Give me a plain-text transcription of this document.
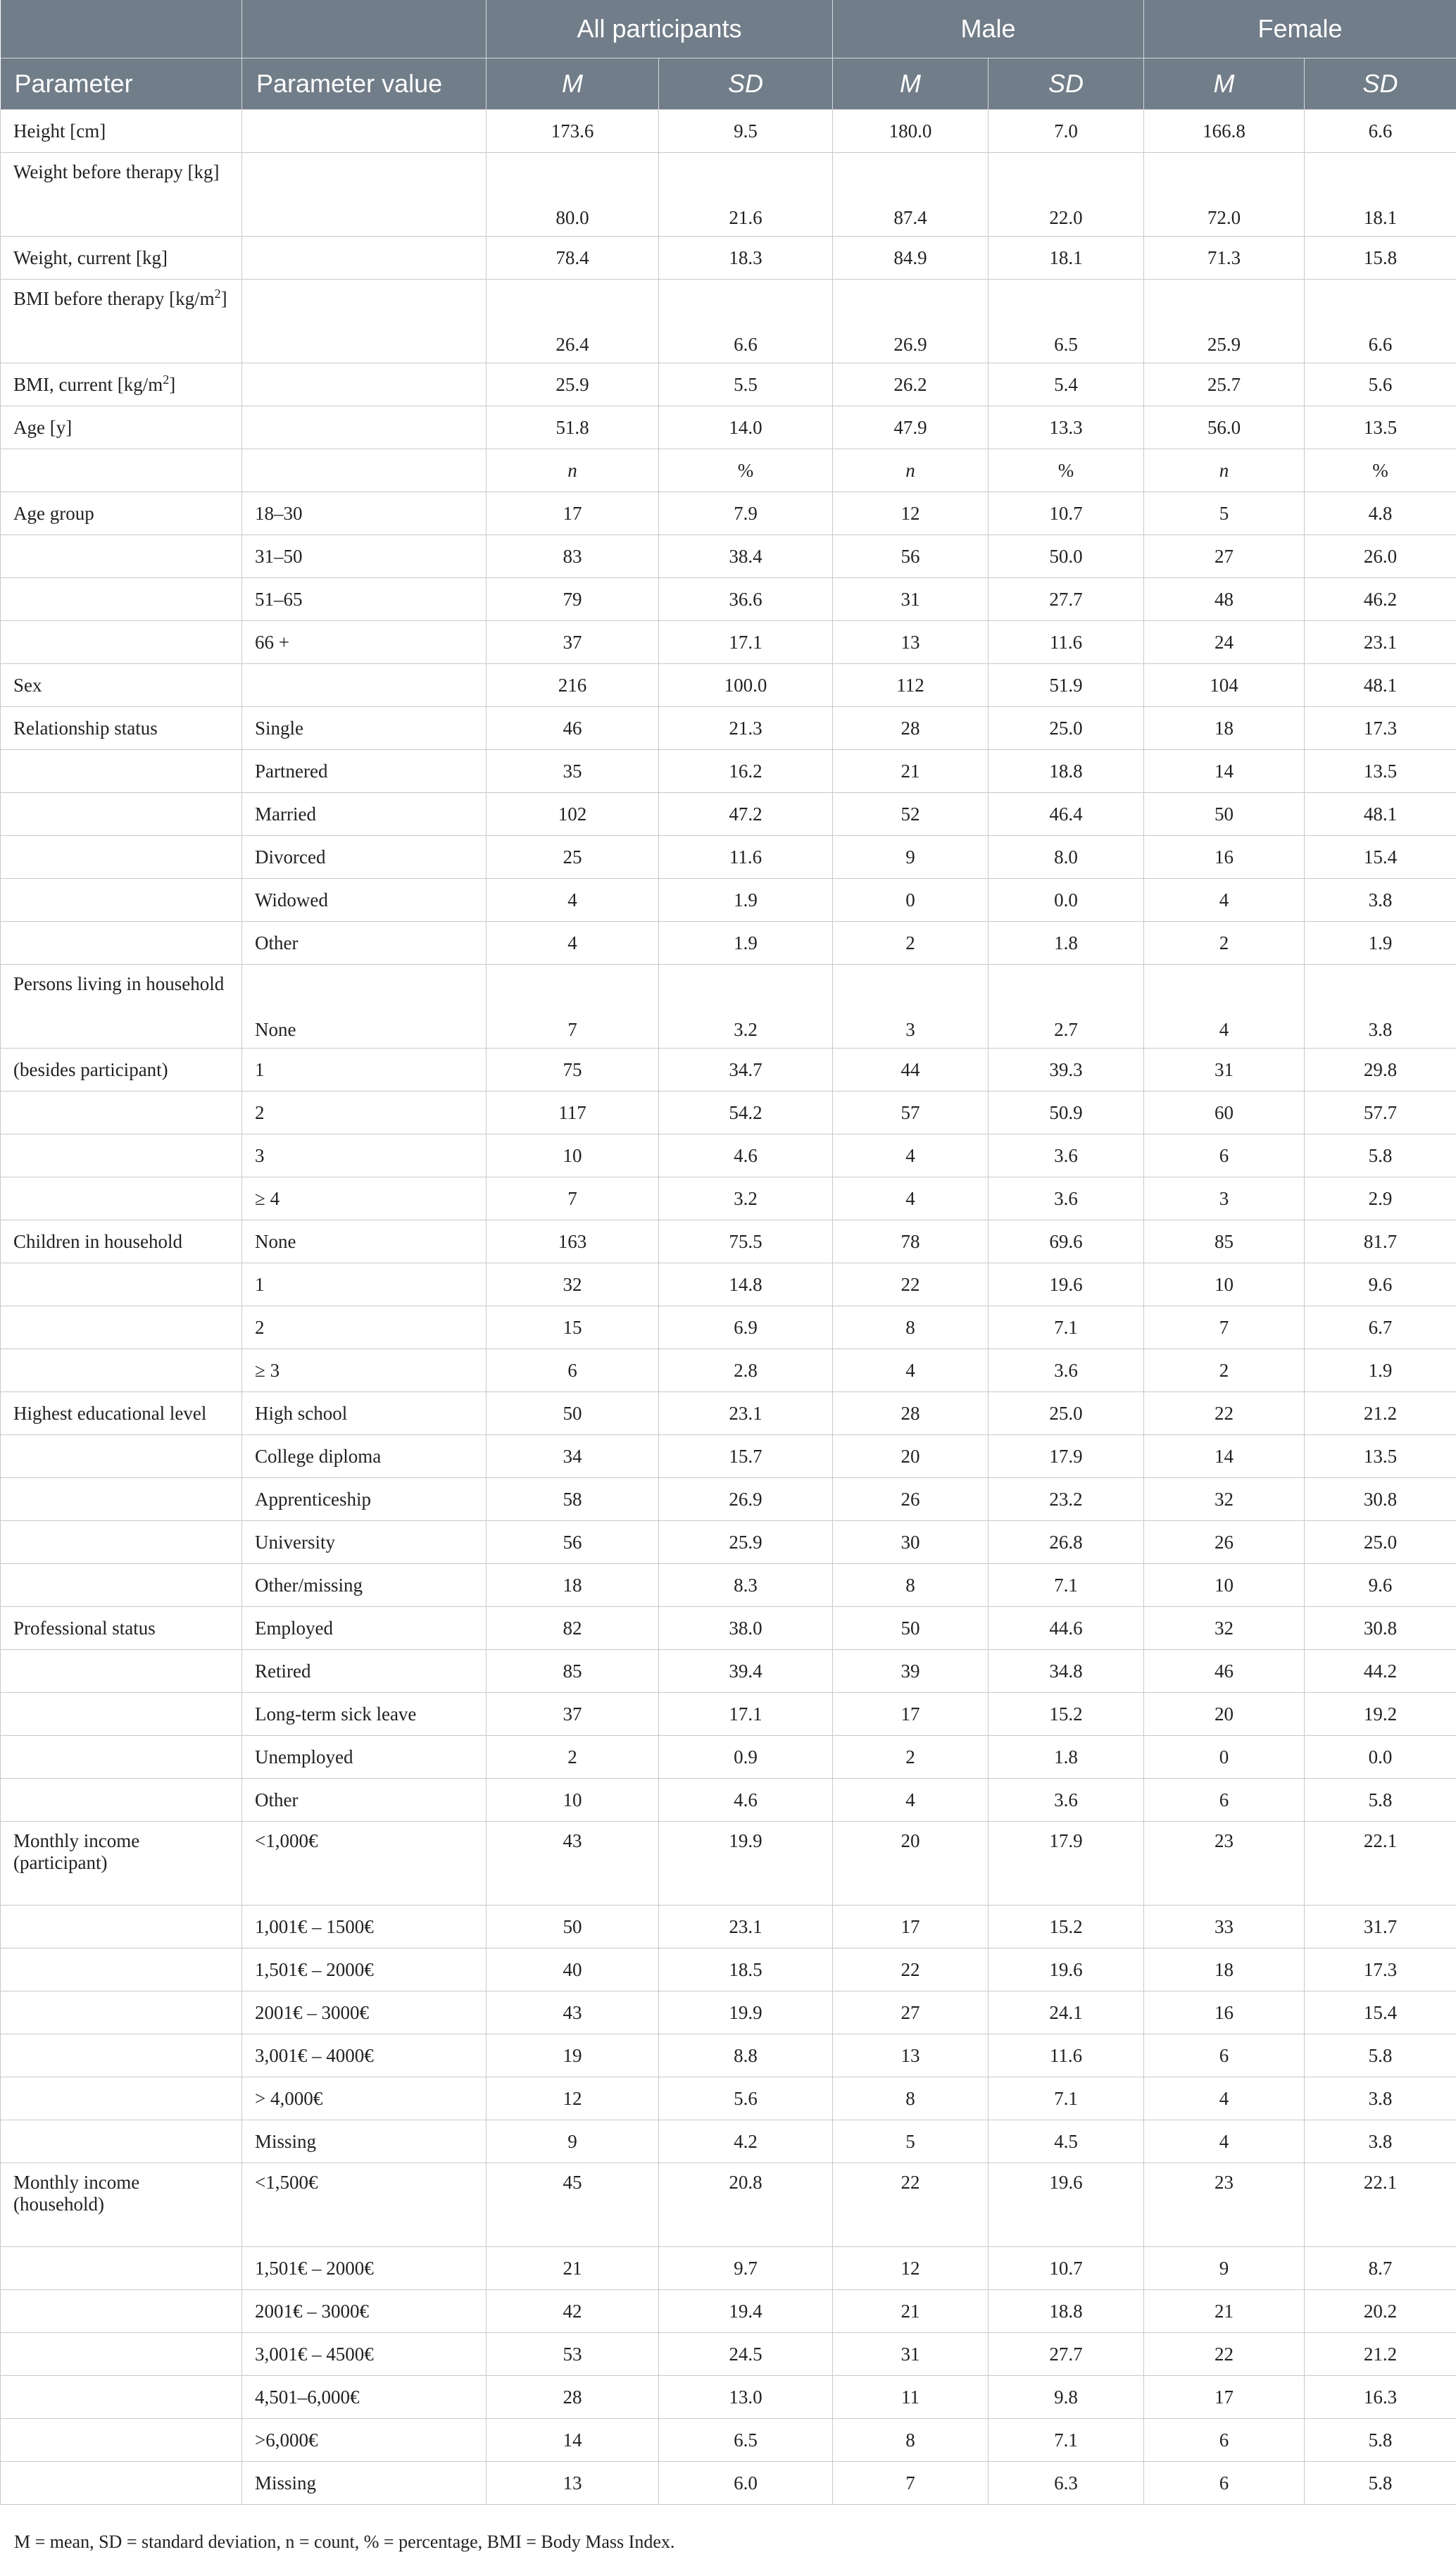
		All participants		Male		Female	
Parameter	Parameter value	M	SD	M	SD	M	SD
Height [cm]		173.6	9.5	180.0	7.0	166.8	6.6
Weight before therapy [kg]		80.0	21.6	87.4	22.0	72.0	18.1
Weight, current [kg]		78.4	18.3	84.9	18.1	71.3	15.8
BMI before therapy $[kg/m^2]$		26.4	6.6	26.9	6.5	25.9	6.6
BMI, current $[kg/m^2]$		25.9	5.5	26.2	5.4	25.7	5.6
Age [y]		51.8	14.0	47.9	13.3	56.0	13.5
		n	%	n	%	n	%
Age group	18–30	17	7.9	12	10.7	5	4.8
	31–50	83	38.4	56	50.0	27	26.0
	51–65	79	36.6	31	27.7	48	46.2
	66 +	37	17.1	13	11.6	24	23.1
Sex		216	100.0	112	51.9	104	48.1
Relationship status	Single	46	21.3	28	25.0	18	17.3
	Partnered	35	16.2	21	18.8	14	13.5
	Married	102	47.2	52	46.4	50	48.1
	Divorced	25	11.6	9	8.0	16	15.4
	Widowed	4	1.9	0	0.0	4	3.8
	Other	4	1.9	2	1.8	2	1.9
Persons living in household	None	7	3.2	3	2.7	4	3.8
(besides participant)	1	75	34.7	44	39.3	31	29.8
	2	117	54.2	57	50.9	60	57.7
	3	10	4.6	4	3.6	6	5.8
	≥ 4	7	3.2	4	3.6	3	2.9
Children in household	None	163	75.5	78	69.6	85	81.7
	1	32	14.8	22	19.6	10	9.6
	2	15	6.9	8	7.1	7	6.7
	≥ 3	6	2.8	4	3.6	2	1.9
Highest educational level	High school	50	23.1	28	25.0	22	21.2
	College diploma	34	15.7	20	17.9	14	13.5
	Apprenticeship	58	26.9	26	23.2	32	30.8
	University	56	25.9	30	26.8	26	25.0
	Other/missing	18	8.3	8	7.1	10	9.6
Professional status	Employed	82	38.0	50	44.6	32	30.8
	Retired	85	39.4	39	34.8	46	44.2
	Long-term sick leave	37	17.1	17	15.2	20	19.2
	Unemployed	2	0.9	2	1.8	0	0.0
	Other	10	4.6	4	3.6	6	5.8
Monthly income (participant)	<1,000€	43	19.9	20	17.9	23	22.1
	1,001€ – 1500€	50	23.1	17	15.2	33	31.7
	1,501€ – 2000€	40	18.5	22	19.6	18	17.3
	2001€ – 3000€	43	19.9	27	24.1	16	15.4
	3,001€ – 4000€	19	8.8	13	11.6	6	5.8
	> 4,000€	12	5.6	8	7.1	4	3.8
	Missing	9	4.2	5	4.5	4	3.8
Monthly income (household)	<1,500€	45	20.8	22	19.6	23	22.1
	1,501€ – 2000€	21	9.7	12	10.7	9	8.7
	2001€ – 3000€	42	19.4	21	18.8	21	20.2
	3,001€ – 4500€	53	24.5	31	27.7	22	21.2
	4,501–6,000€	28	13.0	11	9.8	17	16.3
	>6,000€	14	6.5	8	7.1	6	5.8
	Missing	13	6.0	7	6.3	6	5.8
M = mean, SD = standard deviation, n = count, % = percentage, BMI = Body Mass Index.
